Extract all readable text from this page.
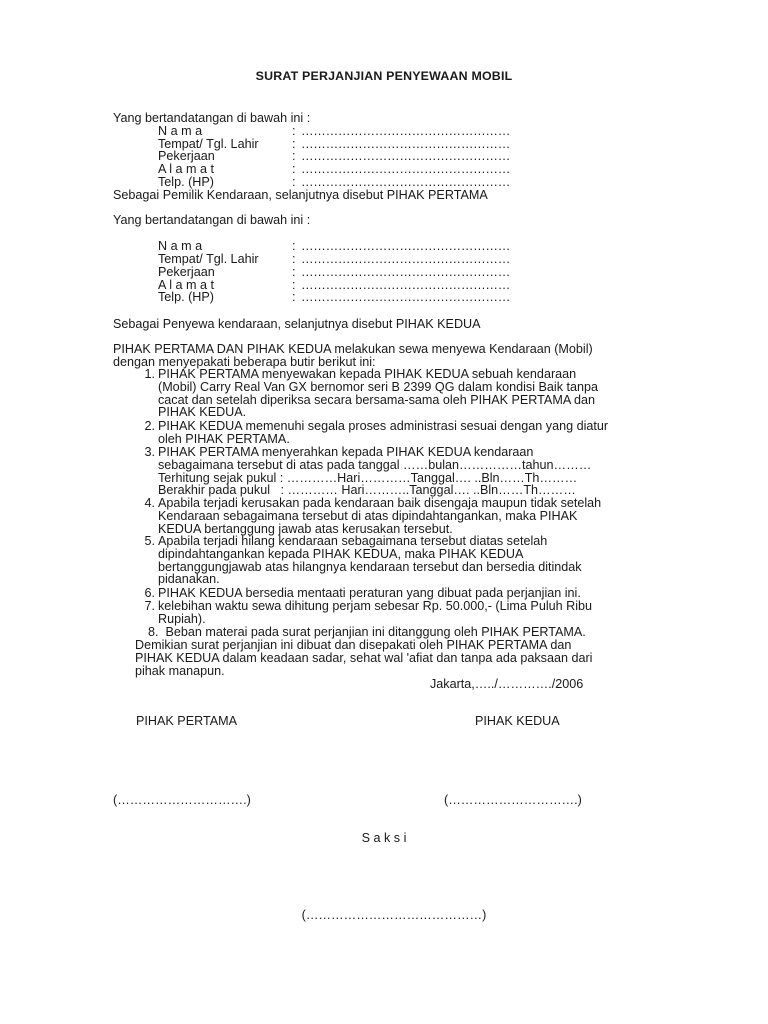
SURAT PERJANJIAN PENYEWAAN MOBIL
Yang bertandatangan di bawah ini :
N a m a	: ……………………………………………
Tempat/ Tgl. Lahir	: ……………………………………………
Pekerjaan	: ……………………………………………
A l a m a t	: ……………………………………………
Telp. (HP)	: ……………………………………………
Sebagai Pemilik Kendaraan, selanjutnya disebut PIHAK PERTAMA
Yang bertandatangan di bawah ini :
N a m a	: ……………………………………………
Tempat/ Tgl. Lahir	: ……………………………………………
Pekerjaan	: ……………………………………………
A l a m a t	: ……………………………………………
Telp. (HP)	: ……………………………………………
Sebagai Penyewa kendaraan, selanjutnya disebut PIHAK KEDUA
PIHAK PERTAMA DAN PIHAK KEDUA melakukan sewa menyewa Kendaraan (Mobil)
dengan menyepakati beberapa butir berikut ini:
1. PIHAK PERTAMA menyewakan kepada PIHAK KEDUA sebuah kendaraan
(Mobil) Carry Real Van GX bernomor seri B 2399 QG dalam kondisi Baik tanpa
cacat dan setelah diperiksa secara bersama-sama oleh PIHAK PERTAMA dan
PIHAK KEDUA.
2. PIHAK KEDUA memenuhi segala proses administrasi sesuai dengan yang diatur
oleh PIHAK PERTAMA.
3. PIHAK PERTAMA menyerahkan kepada PIHAK KEDUA kendaraan
sebagaimana tersebut di atas pada tanggal ……bulan……………tahun………
Terhitung sejak pukul : …………Hari…………Tanggal…. ..Bln……Th………
Berakhir pada pukul   : ………… Hari………..Tanggal…. ..Bln……Th………
4. Apabila terjadi kerusakan pada kendaraan baik disengaja maupun tidak setelah
Kendaraan sebagaimana tersebut di atas dipindahtangankan, maka PIHAK
KEDUA bertanggung jawab atas kerusakan tersebut.
5. Apabila terjadi hilang kendaraan sebagaimana tersebut diatas setelah
dipindahtangankan kepada PIHAK KEDUA, maka PIHAK KEDUA
bertanggungjawab atas hilangnya kendaraan tersebut dan bersedia ditindak
pidanakan.
6. PIHAK KEDUA bersedia mentaati peraturan yang dibuat pada perjanjian ini.
7. kelebihan waktu sewa dihitung perjam sebesar Rp. 50.000,- (Lima Puluh Ribu
Rupiah).
8.  Beban materai pada surat perjanjian ini ditanggung oleh PIHAK PERTAMA.
Demikian surat perjanjian ini dibuat dan disepakati oleh PIHAK PERTAMA dan
PIHAK KEDUA dalam keadaan sadar, sehat wal 'afiat dan tanpa ada paksaan dari
pihak manapun.
Jakarta,…../…………./2006
PIHAK PERTAMA	PIHAK KEDUA
(………………………….)	(………………………….)
S a k s i
(……………………………………)
